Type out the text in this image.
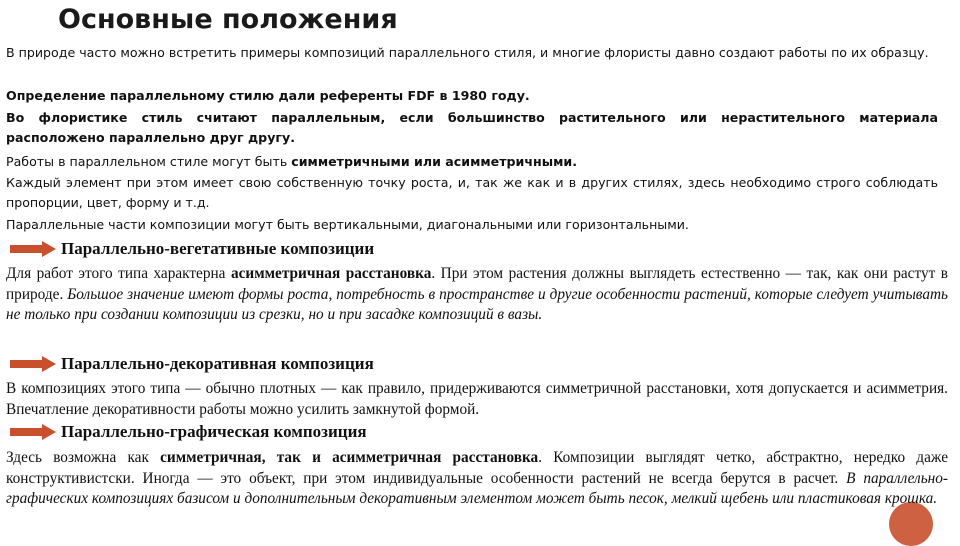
Основные положения

В природе часто можно встретить примеры композиций параллельного стиля, и многие флористы давно создают работы по их образцу.

Определение параллельному стилю дали референты FDF в 1980 году.

Во флористике стиль считают параллельным, если большинство растительного или нерастительного материала расположено параллельно друг другу.

Работы в параллельном стиле могут быть симметричными или асимметричными.

Каждый элемент при этом имеет свою собственную точку роста, и, так же как и в других стилях, здесь необходимо строго соблюдать пропорции, цвет, форму и т.д.

Параллельные части композиции могут быть вертикальными, диагональными или горизонтальными.

Параллельно-вегетативные композиции

Для работ этого типа характерна асимметричная расстановка. При этом растения должны выглядеть естественно — так, как они растут в природе. Большое значение имеют формы роста, потребность в пространстве и другие особенности растений, которые следует учитывать не только при создании композиции из срезки, но и при засадке композиций в вазы.

Параллельно-декоративная композиция

В композициях этого типа — обычно плотных — как правило, придерживаются симметричной расстановки, хотя допускается и асимметрия. Впечатление декоративности работы можно усилить замкнутой формой.

Параллельно-графическая композиция

Здесь возможна как симметричная, так и асимметричная расстановка. Композиции выглядят четко, абстрактно, нередко даже конструктивистски. Иногда — это объект, при этом индивидуальные особенности растений не всегда берутся в расчет. В параллельно-графических композициях базисом и дополнительным декоративным элементом может быть песок, мелкий щебень или пластиковая крошка.
